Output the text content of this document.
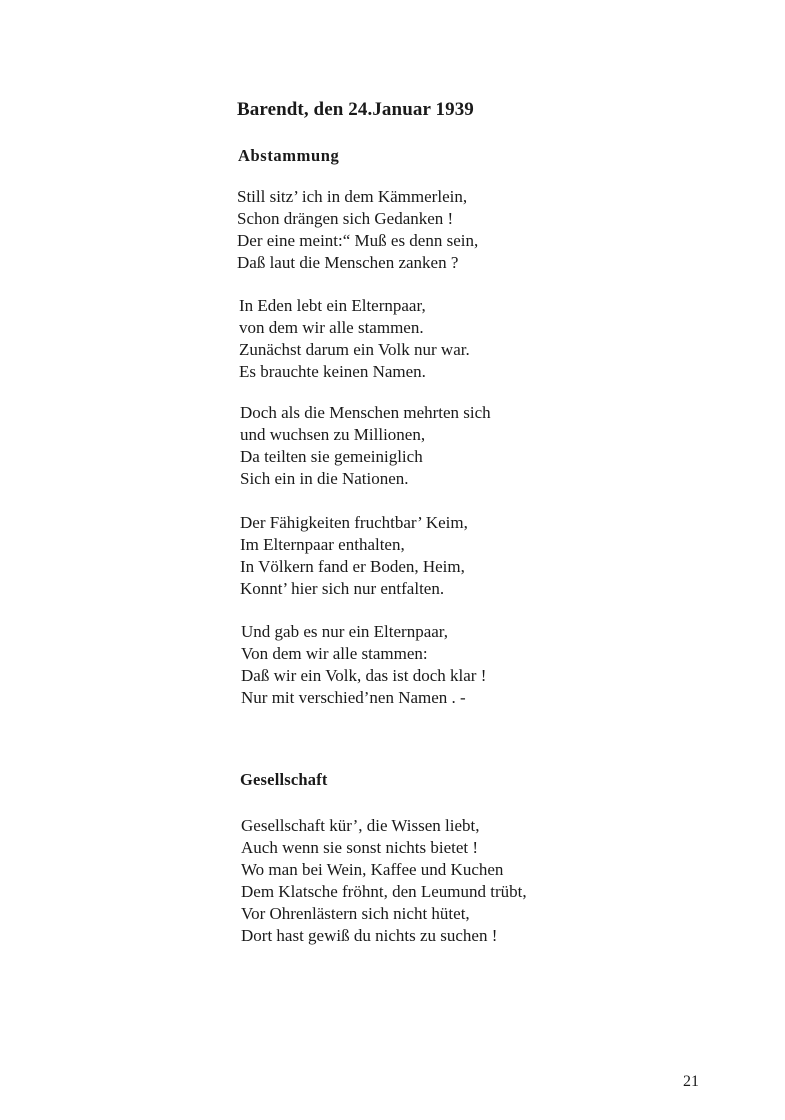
Barendt, den 24.Januar 1939
Abstammung
Still sitz’ ich in dem Kämmerlein,
Schon drängen sich Gedanken !
Der eine meint:“ Muß es denn sein,
Daß laut die Menschen zanken ?
In Eden lebt ein Elternpaar,
von dem wir alle stammen.
Zunächst darum ein Volk nur war.
Es brauchte keinen Namen.
Doch als die Menschen mehrten sich
und wuchsen zu Millionen,
Da teilten sie gemeiniglich
Sich ein in die Nationen.
Der Fähigkeiten fruchtbar’ Keim,
Im Elternpaar enthalten,
In Völkern fand er Boden, Heim,
Konnt’ hier sich nur entfalten.
Und gab es nur ein Elternpaar,
Von dem wir alle stammen:
Daß wir ein Volk, das ist doch klar !
Nur mit verschied’nen Namen . -
Gesellschaft
Gesellschaft kür’, die Wissen liebt,
Auch wenn sie sonst nichts bietet !
Wo man bei Wein, Kaffee und Kuchen
Dem Klatsche fröhnt, den Leumund trübt,
Vor Ohrenlästern sich nicht hütet,
Dort hast gewiß du nichts zu suchen !
21
